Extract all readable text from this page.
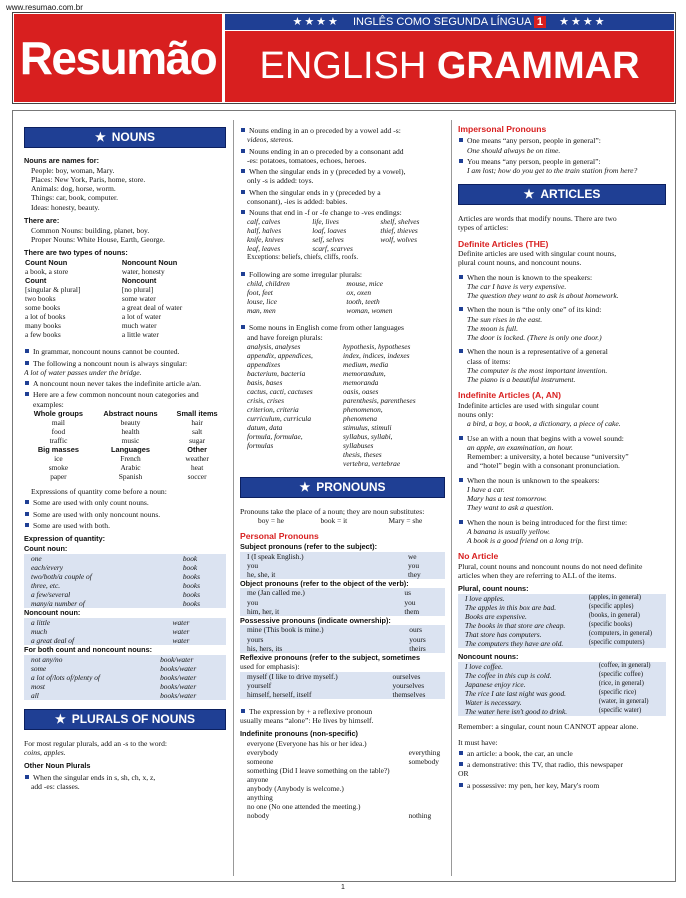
www.resumao.com.br
Resumão
★★★★ INGLÊS COMO SEGUNDA LÍNGUA 1 ★★★★
ENGLISH GRAMMAR
★ NOUNS
Nouns are names for:
People: boy, woman, Mary.
Places: New York, Paris, home, store.
Animals: dog, horse, worm.
Things: car, book, computer.
Ideas: honesty, beauty.
There are:
Common Nouns: building, planet, boy.
Proper Nouns: White House, Earth, George.
There are two types of nouns:
Count Noun	Noncount Noun
a book, a store	water, honesty

Count	Noncount
[singular & plural]	[no plural]
two books	some water
some books	a great deal of water
a lot of books	a lot of water
many books	much water
a few books	a little water
In grammar, noncount nouns cannot be counted.
The following a noncount noun is always singular:
A lot of water passes under the bridge.
A noncount noun never takes the indefinite article a/an.
Here are a few common noncount noun categories and examples:
Whole groups	Abstract nouns	Small items
mail	beauty	hair
food	health	salt
traffic	music	sugar
Big masses	Languages	Other
ice	French	weather
smoke	Arabic	heat
paper	Spanish	soccer
Expressions of quantity come before a noun:
Some are used with only count nouns.
Some are used with only noncount nouns.
Some are used with both.
Expression of quantity:
Count noun:
one	book
each/every	book
two/both/a couple of	books
three, etc.	books
a few/several	books
many/a number of	books
Noncount noun:
a little	water
much	water
a great deal of	water
For both count and noncount nouns:
not any/no	book/water
some	books/water
a lot of/lots of/plenty of	books/water
most	books/water
all	books/water
★ PLURALS OF NOUNS
For most regular plurals, add an -s to the word:
coins, apples.
Other Noun Plurals
When the singular ends in s, sh, ch, x, z,
add -es: classes.
Nouns ending in an o preceded by a vowel add -s:
videos, stereos.
Nouns ending in an o preceded by a consonant add
-es: potatoes, tomatoes, echoes, heroes.
When the singular ends in y (preceded by a vowel),
only -s is added: toys.
When the singular ends in y (preceded by a
consonant), -ies is added: babies.
Nouns that end in -f or -fe change to -ves endings:
calf, calves	life, lives	shelf, shelves
half, halves	loaf, loaves	thief, thieves
knife, knives	self, selves	wolf, wolves
leaf, leaves	scarf, scarves	
Exceptions: beliefs, chiefs, cliffs, roofs.
Following are some irregular plurals:
child, children	mouse, mice
foot, feet	ox, oxen
louse, lice	tooth, teeth
man, men	woman, women
Some nouns in English come from other languages
and have foreign plurals:
analysis, analyses	hypothesis, hypotheses
appendix, appendices,	index, indices, indexes
appendixes	medium, media
bacterium, bacteria	memorandum,
basis, bases	memoranda
cactus, cacti, cactuses	oasis, oases
crisis, crises	parenthesis, parentheses
criterion, criteria	phenomenon,
curriculum, curricula	phenomena
datum, data	stimulus, stimuli
formula, formulae,	syllabus, syllabi,
formulas	syllabuses
	thesis, theses
	vertebra, vertebrae
★ PRONOUNS
Pronouns take the place of a noun; they are noun substitutes:
boy = he	book = it	Mary = she
Personal Pronouns
Subject pronouns (refer to the subject):
I (I speak English.)	we
you	you
he, she, it	they
Object pronouns (refer to the object of the verb):
me (Jan called me.)	us
you	you
him, her, it	them
Possessive pronouns (indicate ownership):
mine (This book is mine.)	ours
yours	yours
his, hers, its	theirs
Reflexive pronouns (refer to the subject, sometimes
used for emphasis):
myself (I like to drive myself.)	ourselves
yourself	yourselves
himself, herself, itself	themselves
The expression by + a reflexive pronoun
usually means “alone”: He lives by himself.
Indefinite pronouns (non-specific)
everyone (Everyone has his or her idea.)	
everybody	everything
someone	somebody
something (Did I leave something on the table?)	
anyone	
anybody (Anybody is welcome.)	
anything	
no one (No one attended the meeting.)	
nobody	nothing
Impersonal Pronouns
One means “any person, people in general”:
One should always be on time.
You means “any person, people in general”:
I am lost; how do you get to the train station from here?
★ ARTICLES
Articles are words that modify nouns. There are two
types of articles:
Definite Articles (THE)
Definite articles are used with singular count nouns,
plural count nouns, and noncount nouns.
When the noun is known to the speakers:
The car I have is very expensive.
The question they want to ask is about homework.
When the noun is “the only one” of its kind:
The sun rises in the east.
The moon is full.
The door is locked. (There is only one door.)
When the noun is a representative of a general
class of items:
The computer is the most important invention.
The piano is a beautiful instrument.
Indefinite Articles (A, AN)
Indefinite articles are used with singular count
nouns only:
a bird, a boy, a book, a dictionary, a piece of cake.
Use an with a noun that begins with a vowel sound:
an apple, an examination, an hour.
Remember: a university, a hotel because “university”
and “hotel” begin with a consonant pronunciation.
When the noun is unknown to the speakers:
I have a car.
Mary has a test tomorrow.
They want to ask a question.
When the noun is being introduced for the first time:
A banana is usually yellow.
A book is a good friend on a long trip.
No Article
Plural, count nouns and noncount nouns do not need definite
articles when they are referring to ALL of the items.
Plural, count nouns:
I love apples.	(apples, in general)
The apples in this box are bad.	(specific apples)
Books are expensive.	(books, in general)
The books in that store are cheap.	(specific books)
That store has computers.	(computers, in general)
The computers they have are old.	(specific computers)
Noncount nouns:
I love coffee.	(coffee, in general)
The coffee in this cup is cold.	(specific coffee)
Japanese enjoy rice.	(rice, in general)
The rice I ate last night was good.	(specific rice)
Water is necessary.	(water, in general)
The water here isn't good to drink.	(specific water)
Remember: a singular, count noun CANNOT appear alone.
It must have:
an article: a book, the car, an uncle
a demonstrative: this TV, that radio, this newspaper
OR
a possessive: my pen, her key, Mary's room
1
